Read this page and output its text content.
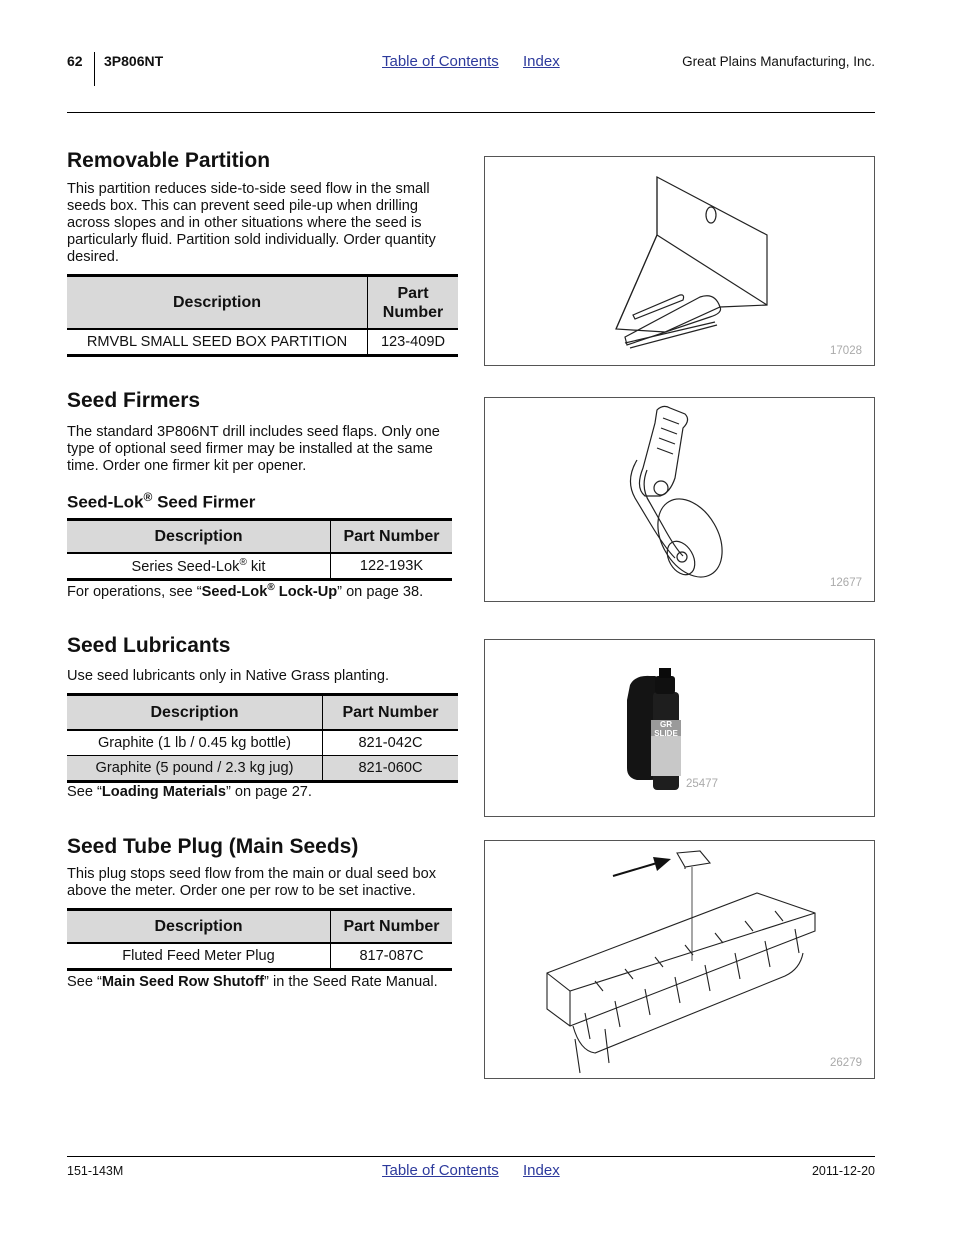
62 3P806NT	Table of Contents Index	Great Plains Manufacturing, Inc.
Removable Partition
This partition reduces side-to-side seed flow in the small seeds box. This can prevent seed pile-up when drilling across slopes and in other situations where the seed is particularly fluid. Partition sold individually. Order quantity desired.
Description	Part
Number
RMVBL SMALL SEED BOX PARTITION	123-409D
17028
Seed Firmers
The standard 3P806NT drill includes seed flaps. Only one type of optional seed firmer may be installed at the same time. Order one firmer kit per opener.
Seed-Lok® Seed Firmer
Description	Part Number
Series Seed-Lok® kit	122-193K
For operations, see “Seed-Lok® Lock-Up” on page 38.
12677
Seed Lubricants
Use seed lubricants only in Native Grass planting.
Description	Part Number
Graphite (1 lb / 0.45 kg bottle)	821-042C
Graphite (5 pound / 2.3 kg jug)	821-060C
See “Loading Materials” on page 27.
GR
SLIDE
25477
Seed Tube Plug (Main Seeds)
This plug stops seed flow from the main or dual seed box above the meter. Order one per row to be set inactive.
Description	Part Number
Fluted Feed Meter Plug	817-087C
See “Main Seed Row Shutoff” in the Seed Rate Manual.
26279
151-143M	Table of Contents Index	2011-12-20
